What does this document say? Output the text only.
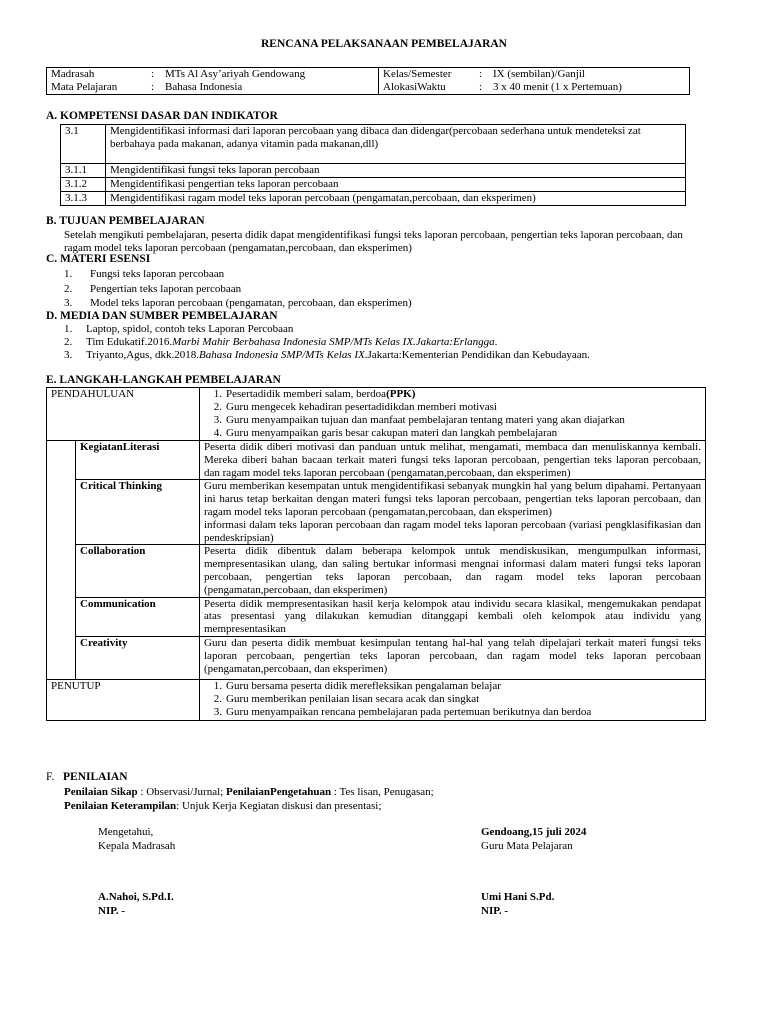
RENCANA PELAKSANAAN PEMBELAJARAN
Madrasah	:	MTs Al Asy’ariyah Gendowang	Kelas/Semester	:	IX (sembilan)/Ganjil
Mata Pelajaran	:	Bahasa Indonesia	AlokasiWaktu	:	3 x 40 menit (1 x Pertemuan)
A. KOMPETENSI DASAR DAN INDIKATOR
3.1	Mengidentifikasi informasi dari laporan percobaan yang dibaca dan didengar(percobaan sederhana untuk mendeteksi zat berbahaya pada makanan, adanya vitamin pada makanan,dll)
3.1.1	Mengidentifikasi fungsi teks laporan percobaan
3.1.2	Mengidentifikasi pengertian teks laporan percobaan
3.1.3	Mengidentifikasi ragam model teks laporan percobaan (pengamatan,percobaan, dan eksperimen)
B. TUJUAN PEMBELAJARAN
Setelah mengikuti pembelajaran, peserta didik dapat mengidentifikasi fungsi teks laporan percobaan, pengertian teks laporan percobaan, dan ragam model teks laporan percobaan (pengamatan,percobaan, dan eksperimen)
C. MATERI ESENSI
1. Fungsi teks laporan percobaan
2. Pengertian teks laporan percobaan
3. Model teks laporan percobaan (pengamatan, percobaan, dan eksperimen)
D. MEDIA DAN SUMBER PEMBELAJARAN
1. Laptop, spidol, contoh teks Laporan Percobaan
2. Tim Edukatif.2016.Marbi Mahir Berbahasa Indonesia SMP/MTs Kelas IX.Jakarta:Erlangga.
3. Triyanto,Agus, dkk.2018.Bahasa Indonesia SMP/MTs Kelas IX.Jakarta:Kementerian Pendidikan dan Kebudayaan.
E. LANGKAH-LANGKAH PEMBELAJARAN
PENDAHULUAN		1. Pesertadidik memberi salam, berdoa(PPK)
2. Guru mengecek kehadiran pesertadidikdan memberi motivasi
3. Guru menyampaikan tujuan dan manfaat pembelajaran tentang materi yang akan diajarkan
4. Guru menyampaikan garis besar cakupan materi dan langkah pembelajaran

	KegiatanLiterasi	Peserta didik diberi motivasi dan panduan untuk melihat, mengamati, membaca dan menuliskannya kembali. Mereka diberi bahan bacaan terkait materi fungsi teks laporan percobaan, pengertian teks laporan percobaan, dan ragam model teks laporan percobaan (pengamatan,percobaan, dan eksperimen)
	Critical Thinking	Guru memberikan kesempatan untuk mengidentifikasi sebanyak mungkin hal yang belum dipahami. Pertanyaan ini harus tetap berkaitan dengan materi fungsi teks laporan percobaan, pengertian teks laporan percobaan, dan ragam model teks laporan percobaan (pengamatan,percobaan, dan eksperimen)
informasi dalam teks laporan percobaan dan ragam model teks laporan percobaan (variasi pengklasifikasian dan pendeskripsian)

	Collaboration	Peserta didik dibentuk dalam beberapa kelompok untuk mendiskusikan, mengumpulkan informasi, mempresentasikan ulang, dan saling bertukar informasi mengnai informasi dalam materi fungsi teks laporan percobaan, pengertian teks laporan percobaan, dan ragam model teks laporan percobaan (pengamatan,percobaan, dan eksperimen)
	Communication	Peserta didik mempresentasikan hasil kerja kelompok atau individu secara klasikal, mengemukakan pendapat atas presentasi yang dilakukan kemudian ditanggapi kembali oleh kelompok atau individu yang mempresentasikan
	Creativity	Guru dan peserta didik membuat kesimpulan tentang hal-hal yang telah dipelajari terkait materi fungsi teks laporan percobaan, pengertian teks laporan percobaan, dan ragam model teks laporan percobaan (pengamatan,percobaan, dan eksperimen)
PENUTUP		1. Guru bersama peserta didik merefleksikan pengalaman belajar
2. Guru memberikan penilaian lisan secara acak dan singkat
3. Guru menyampaikan rencana pembelajaran pada pertemuan berikutnya dan berdoa
F. PENILAIAN
Penilaian Sikap : Observasi/Jurnal; PenilaianPengetahuan : Tes lisan, Penugasan;
Penilaian Keterampilan: Unjuk Kerja Kegiatan diskusi dan presentasi;
Mengetahui,
Kepala Madrasah
A.Nahoi, S.Pd.I.
NIP. -
Gendoang,15 juli 2024
Guru Mata Pelajaran
Umi Hani S.Pd.
NIP. -
